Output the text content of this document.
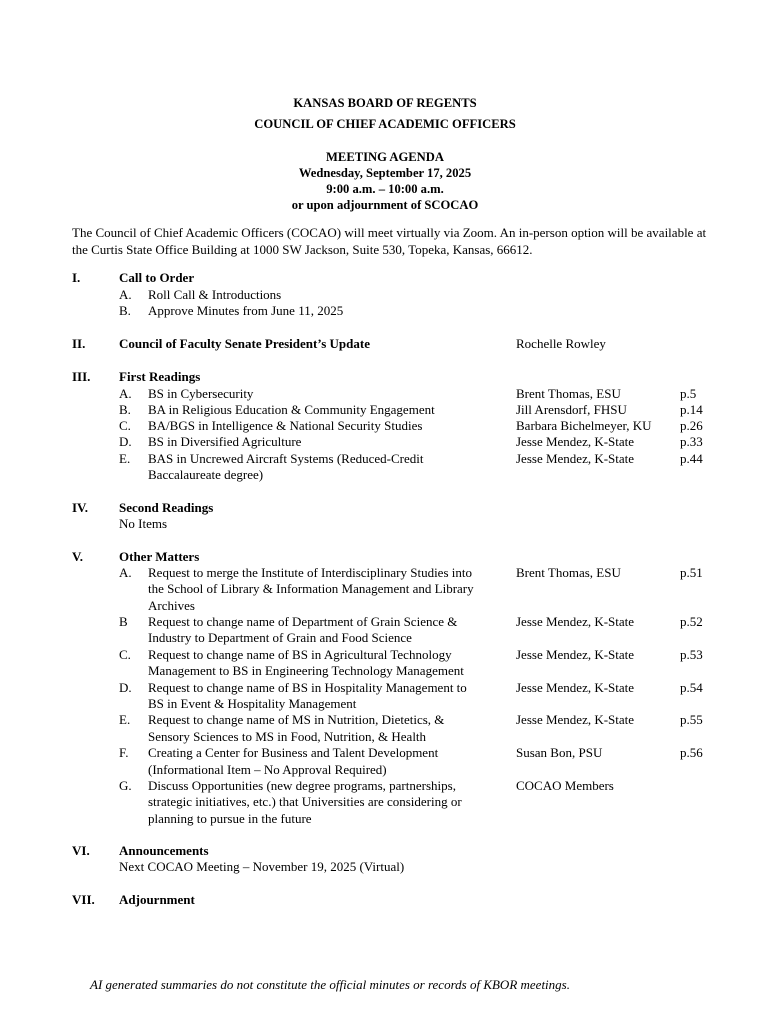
KANSAS BOARD OF REGENTS
COUNCIL OF CHIEF ACADEMIC OFFICERS
MEETING AGENDA
Wednesday, September 17, 2025
9:00 a.m. – 10:00 a.m.
or upon adjournment of SCOCAO
The Council of Chief Academic Officers (COCAO) will meet virtually via Zoom. An in-person option will be available at the Curtis State Office Building at 1000 SW Jackson, Suite 530, Topeka, Kansas, 66612.
I.	Call to Order
A. Roll Call & Introductions
B. Approve Minutes from June 11, 2025
II.	Council of Faculty Senate President’s Update	Rochelle Rowley
III. First Readings
A. BS in Cybersecurity	Brent Thomas, ESU	p.5
B. BA in Religious Education & Community Engagement	Jill Arensdorf, FHSU	p.14
C. BA/BGS in Intelligence & National Security Studies	Barbara Bichelmeyer, KU p.26
D. BS in Diversified Agriculture	Jesse Mendez, K-State	p.33
E. BAS in Uncrewed Aircraft Systems (Reduced-Credit
Baccalaureate degree)
Jesse Mendez, K-State	p.44
IV. Second Readings
No Items
V.	Other Matters
A. Request to merge the Institute of Interdisciplinary Studies into
the School of Library & Information Management and Library
Archives
Brent Thomas, ESU	p.51
B Request to change name of Department of Grain Science &
Industry to Department of Grain and Food Science
Jesse Mendez, K-State	p.52
C. Request to change name of BS in Agricultural Technology
Management to BS in Engineering Technology Management
Jesse Mendez, K-State	p.53
D. Request to change name of BS in Hospitality Management to
BS in Event & Hospitality Management
Jesse Mendez, K-State	p.54
E. Request to change name of MS in Nutrition, Dietetics, &
Sensory Sciences to MS in Food, Nutrition, & Health
Jesse Mendez, K-State	p.55
F. Creating a Center for Business and Talent Development
(Informational Item – No Approval Required)
Susan Bon, PSU	p.56
G. Discuss Opportunities (new degree programs, partnerships,
strategic initiatives, etc.) that Universities are considering or
planning to pursue in the future
COCAO Members
VI. Announcements
Next COCAO Meeting – November 19, 2025 (Virtual)
VII. Adjournment
AI generated summaries do not constitute the official minutes or records of KBOR meetings.
